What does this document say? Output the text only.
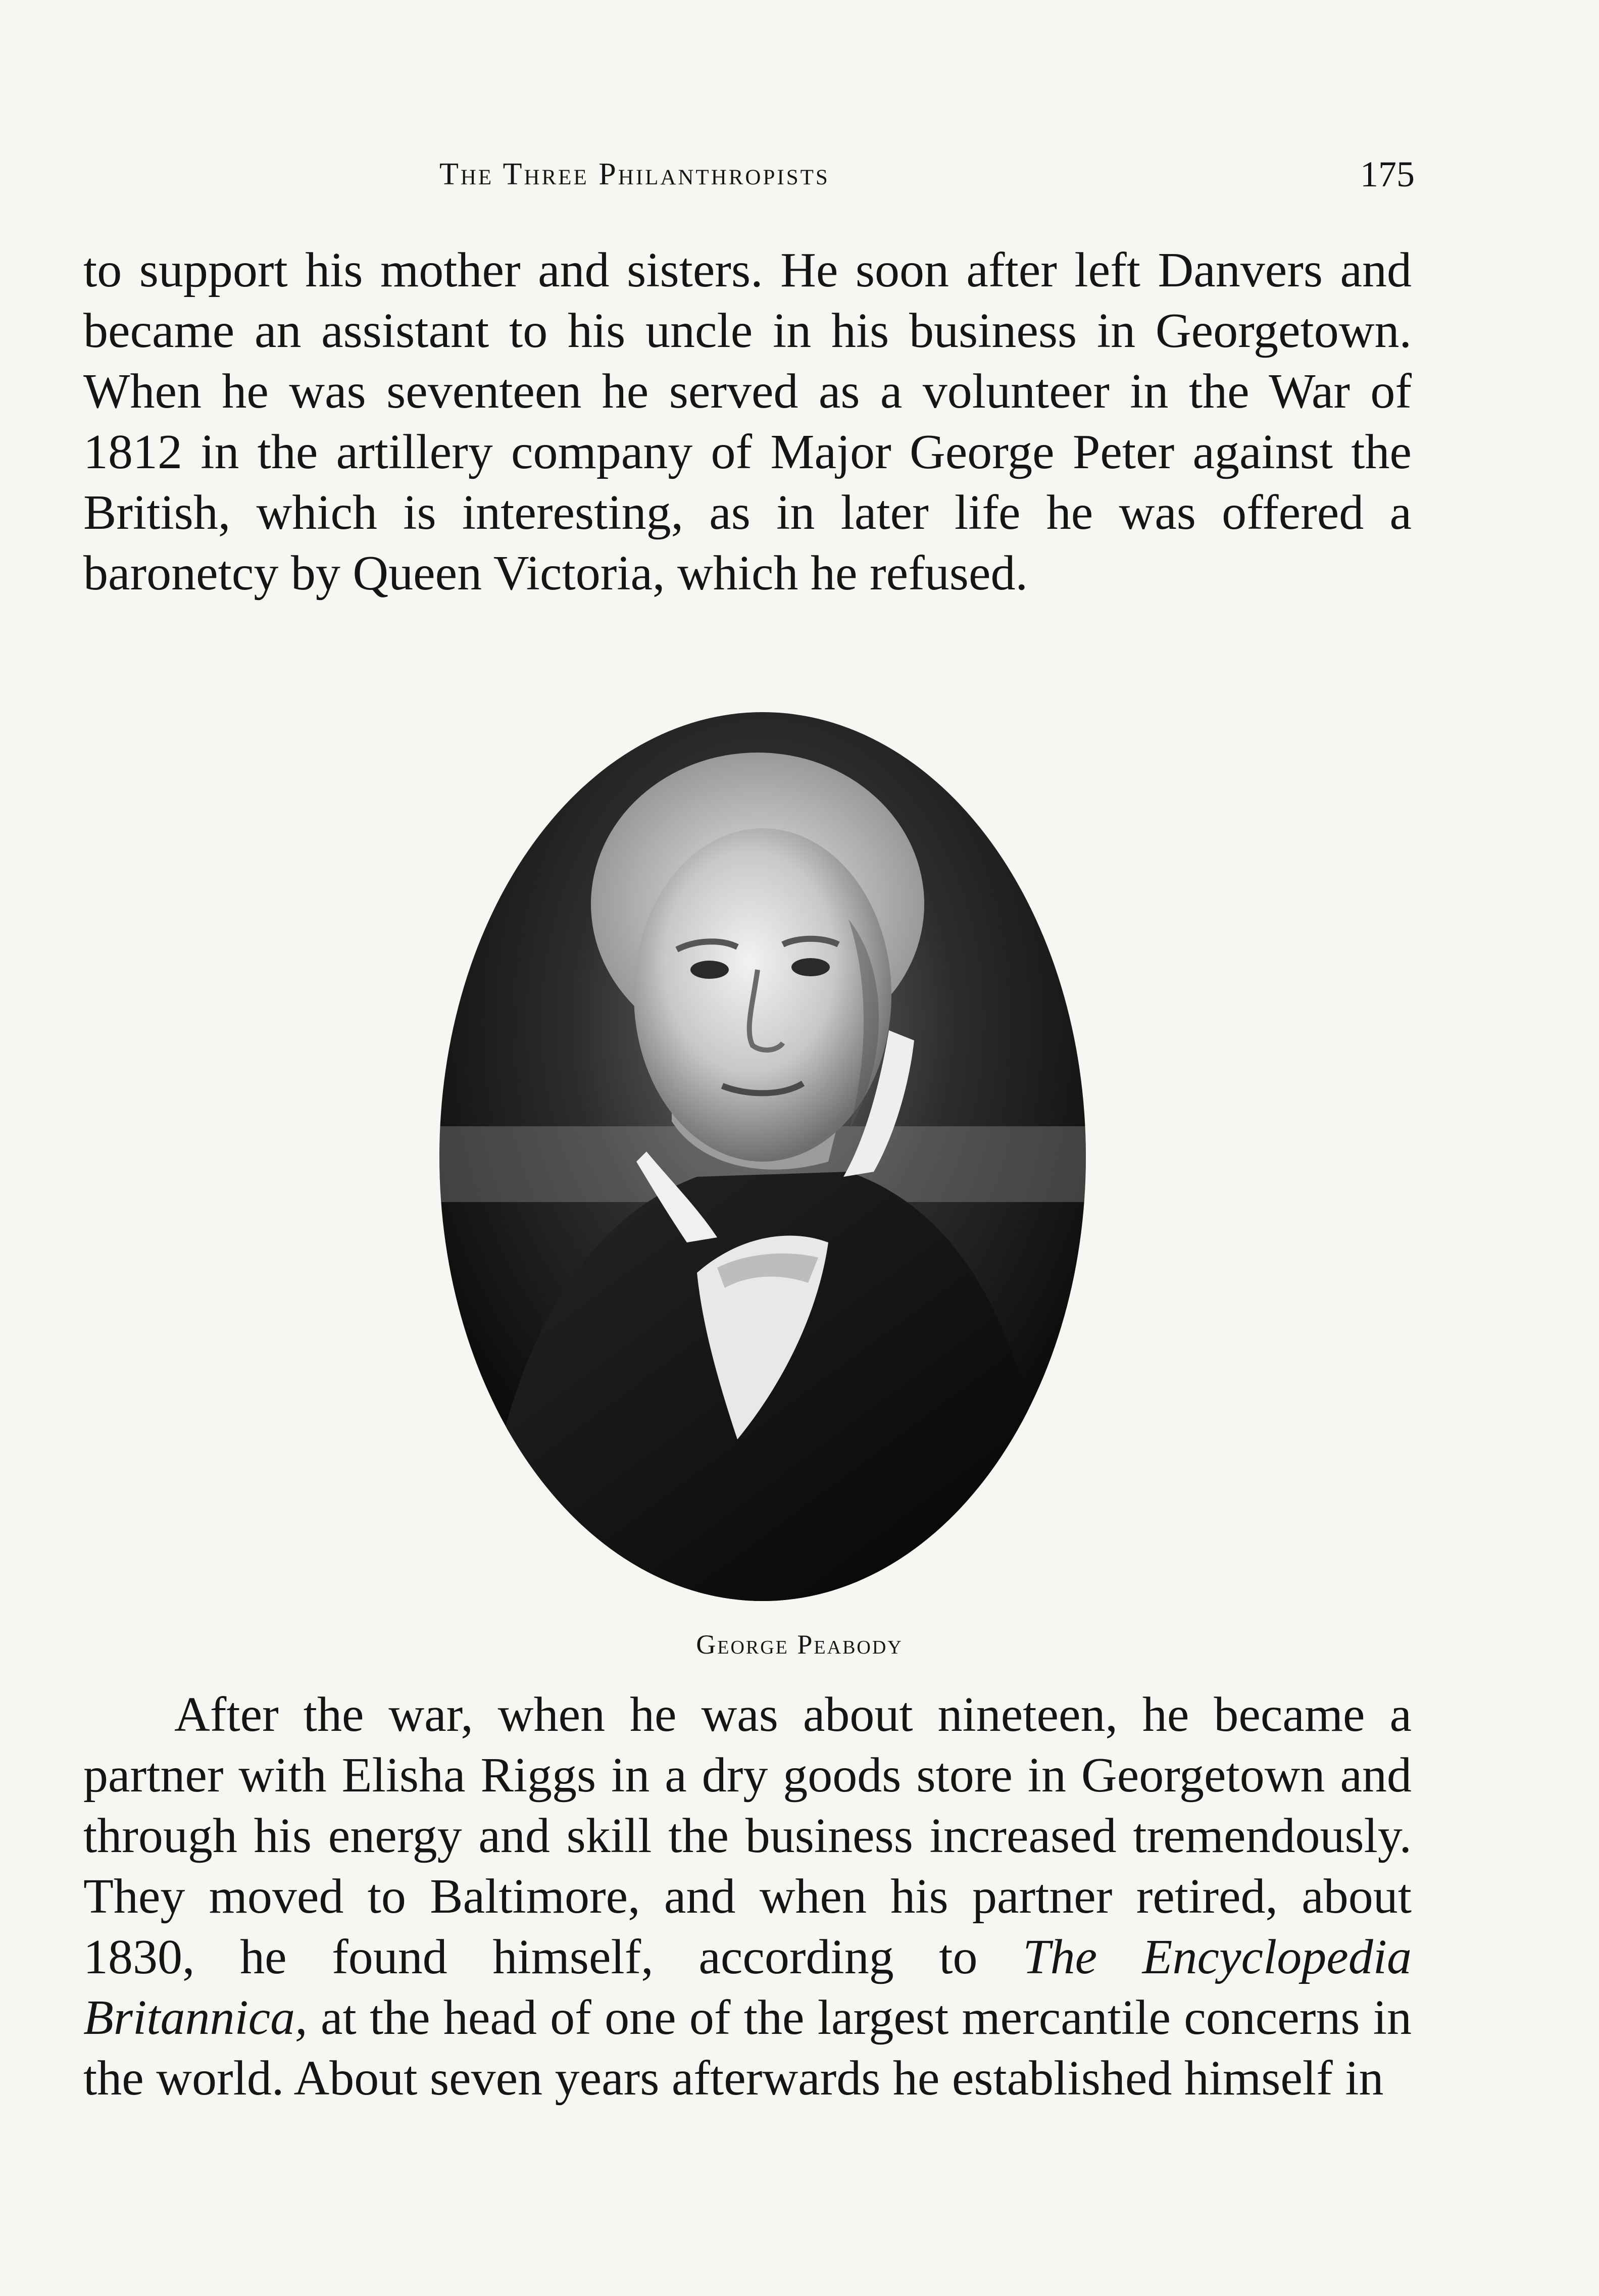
The Three Philanthropists	175

to support his mother and sisters. He soon after left Danvers and became an assistant to his uncle in his business in Georgetown. When he was seventeen he served as a volunteer in the War of 1812 in the artillery company of Major George Peter against the British, which is interesting, as in later life he was offered a baronetcy by Queen Victoria, which he refused.

George Peabody

After the war, when he was about nineteen, he became a partner with Elisha Riggs in a dry goods store in Georgetown and through his energy and skill the business increased tremendously. They moved to Baltimore, and when his partner retired, about 1830, he found himself, according to The Encyclopedia Britannica, at the head of one of the largest mercantile concerns in the world. About seven years afterwards he established himself in
